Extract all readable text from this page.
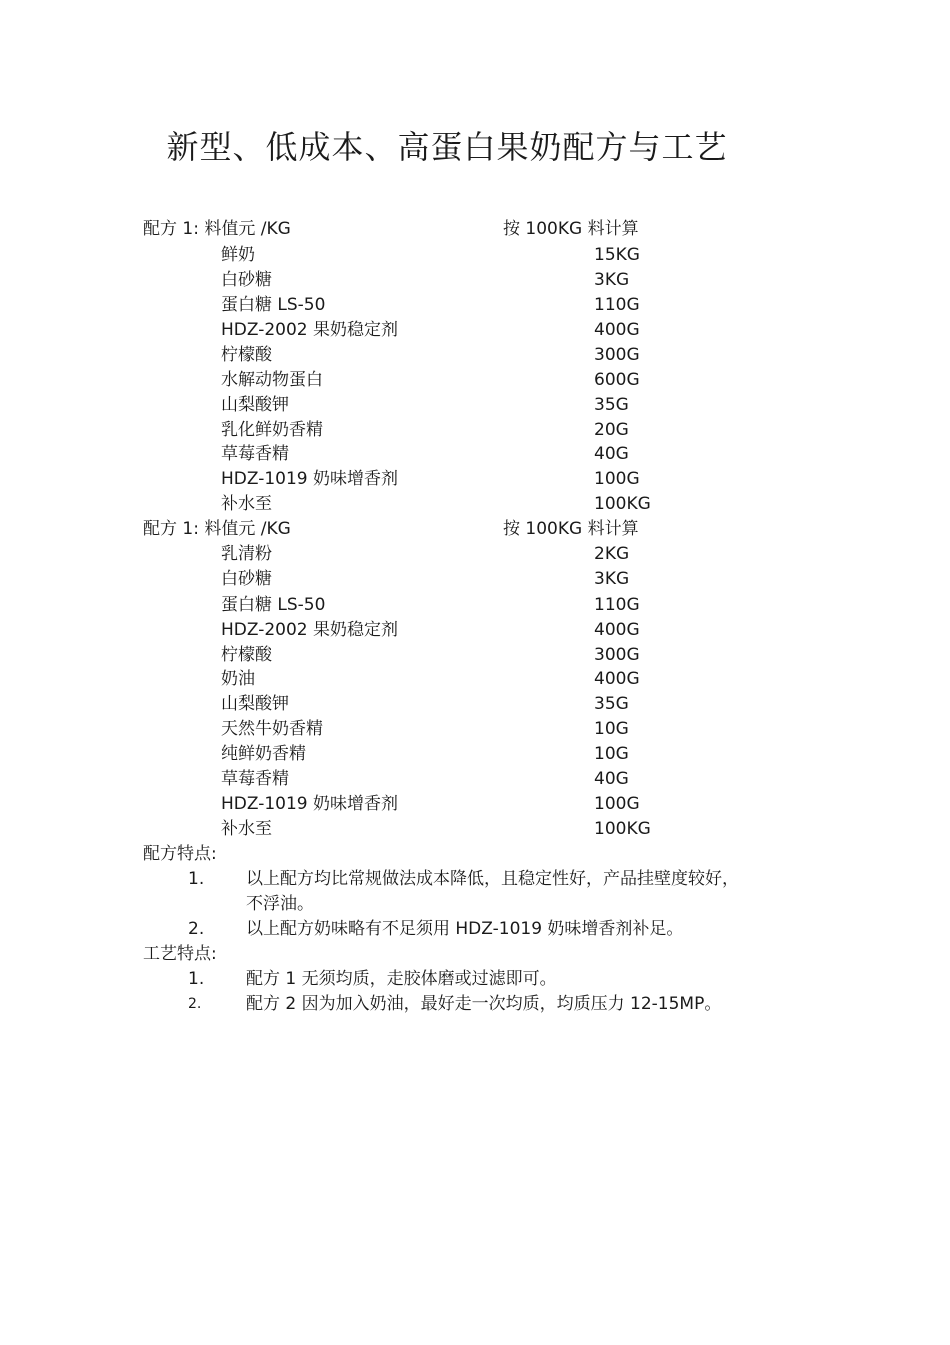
新型、低成本、高蛋白果奶配方与工艺
配方 1: 料值元 /KG	按 100KG 料计算
鲜奶	15KG
白砂糖	3KG
蛋白糖 LS-50	110G
HDZ-2002 果奶稳定剂	400G
柠檬酸	300G
水解动物蛋白	600G
山梨酸钾	35G
乳化鲜奶香精	20G
草莓香精	40G
HDZ-1019 奶味增香剂	100G
补水至	100KG
配方 1: 料值元 /KG	按 100KG 料计算
乳清粉	2KG
白砂糖	3KG
蛋白糖 LS-50	110G
HDZ-2002 果奶稳定剂	400G
柠檬酸	300G
奶油	400G
山梨酸钾	35G
天然牛奶香精	10G
纯鲜奶香精	10G
草莓香精	40G
HDZ-1019 奶味增香剂	100G
补水至	100KG
配方特点:
1. 以上配方均比常规做法成本降低，且稳定性好，产品挂壁度较好，
不浮油。
2. 以上配方奶味略有不足须用 HDZ-1019 奶味增香剂补足。
工艺特点:
1. 配方 1 无须均质，走胶体磨或过滤即可。
2.	配方 2 因为加入奶油，最好走一次均质，均质压力 12-15MP。
